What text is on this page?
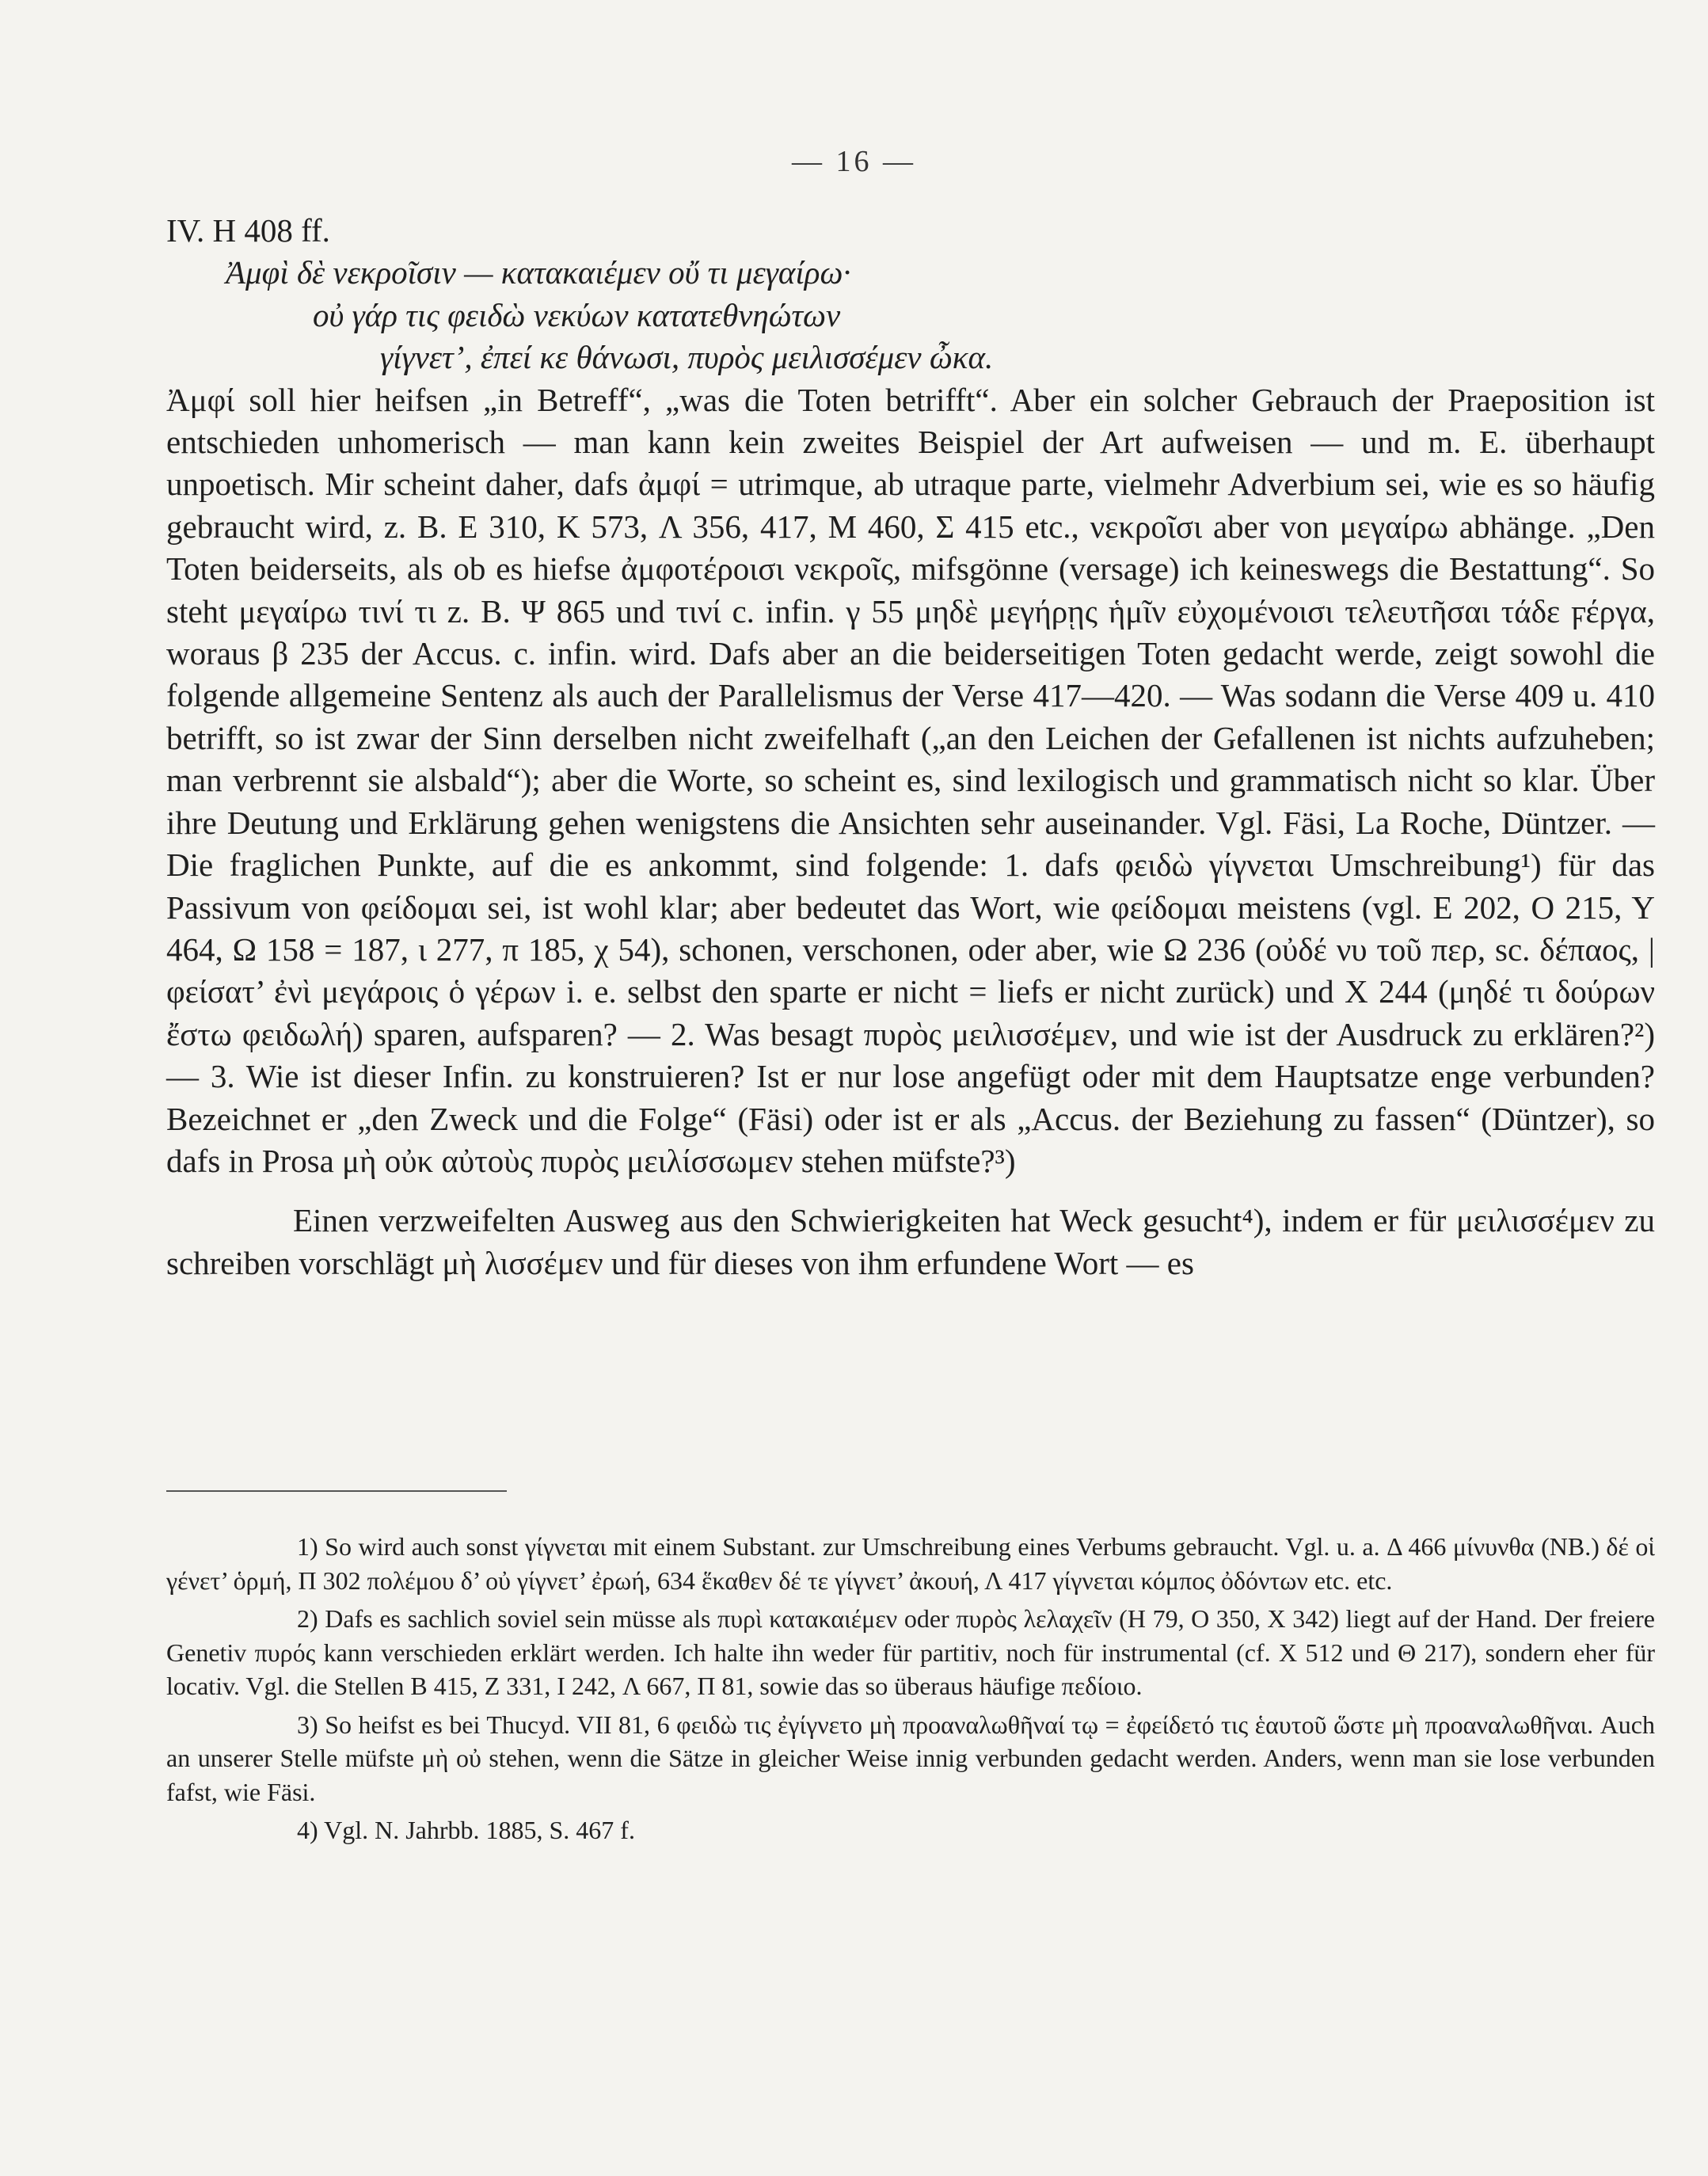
— 16 —

IV. H 408 ff.

Ἀμφὶ δὲ νεκροῖσιν — κατακαιέμεν οὔ τι μεγαίρω·

οὐ γάρ τις φειδὼ νεκύων κατατεθνηώτων

γίγνετ’, ἐπεί κε θάνωσι, πυρὸς μειλισσέμεν ὦκα.

Ἀμφί soll hier heifsen „in Betreff“, „was die Toten betrifft“. Aber ein solcher Gebrauch der Praeposition ist entschieden unhomerisch — man kann kein zweites Beispiel der Art aufweisen — und m. E. überhaupt unpoetisch. Mir scheint daher, dafs ἀμφί = utrimque, ab utraque parte, vielmehr Adverbium sei, wie es so häufig gebraucht wird, z. B. E 310, K 573, Λ 356, 417, M 460, Σ 415 etc., νεκροῖσι aber von μεγαίρω abhänge. „Den Toten beiderseits, als ob es hiefse ἀμφοτέροισι νεκροῖς, mifsgönne (versage) ich keineswegs die Bestattung“. So steht μεγαίρω τινί τι z. B. Ψ 865 und τινί c. infin. γ 55 μηδὲ μεγήρῃς ἡμῖν εὐχομένοισι τελευτῆσαι τάδε ϝέργα, woraus β 235 der Accus. c. infin. wird. Dafs aber an die beiderseitigen Toten gedacht werde, zeigt sowohl die folgende allgemeine Sentenz als auch der Parallelismus der Verse 417—420. — Was sodann die Verse 409 u. 410 betrifft, so ist zwar der Sinn derselben nicht zweifelhaft („an den Leichen der Gefallenen ist nichts aufzuheben; man verbrennt sie alsbald“); aber die Worte, so scheint es, sind lexilogisch und grammatisch nicht so klar. Über ihre Deutung und Erklärung gehen wenigstens die Ansichten sehr auseinander. Vgl. Fäsi, La Roche, Düntzer. — Die fraglichen Punkte, auf die es ankommt, sind folgende: 1. dafs φειδὼ γίγνεται Umschreibung¹) für das Passivum von φείδομαι sei, ist wohl klar; aber bedeutet das Wort, wie φείδομαι meistens (vgl. E 202, O 215, Y 464, Ω 158 = 187, ι 277, π 185, χ 54), schonen, verschonen, oder aber, wie Ω 236 (οὐδέ νυ τοῦ περ, sc. δέπαος, | φείσατ’ ἐνὶ μεγάροις ὁ γέρων i. e. selbst den sparte er nicht = liefs er nicht zurück) und X 244 (μηδέ τι δούρων ἔστω φειδωλή) sparen, aufsparen? — 2. Was besagt πυρὸς μειλισσέμεν, und wie ist der Ausdruck zu erklären?²) — 3. Wie ist dieser Infin. zu konstruieren? Ist er nur lose angefügt oder mit dem Hauptsatze enge verbunden? Bezeichnet er „den Zweck und die Folge“ (Fäsi) oder ist er als „Accus. der Beziehung zu fassen“ (Düntzer), so dafs in Prosa μὴ οὐκ αὐτοὺς πυρὸς μειλίσσωμεν stehen müfste?³)

Einen verzweifelten Ausweg aus den Schwierigkeiten hat Weck gesucht⁴), indem er für μειλισσέμεν zu schreiben vorschlägt μὴ λισσέμεν und für dieses von ihm erfundene Wort — es

1) So wird auch sonst γίγνεται mit einem Substant. zur Umschreibung eines Verbums gebraucht. Vgl. u. a. Δ 466 μίνυνθα (NB.) δέ οἱ γένετ’ ὁρμή, Π 302 πολέμου δ’ οὐ γίγνετ’ ἐρωή, 634 ἕκαθεν δέ τε γίγνετ’ ἀκουή, Λ 417 γίγνεται κόμπος ὀδόντων etc. etc.

2) Dafs es sachlich soviel sein müsse als πυρὶ κατακαιέμεν oder πυρὸς λελαχεῖν (H 79, O 350, X 342) liegt auf der Hand. Der freiere Genetiv πυρός kann verschieden erklärt werden. Ich halte ihn weder für partitiv, noch für instrumental (cf. X 512 und Θ 217), sondern eher für locativ. Vgl. die Stellen B 415, Z 331, I 242, Λ 667, Π 81, sowie das so überaus häufige πεδίοιο.

3) So heifst es bei Thucyd. VII 81, 6 φειδὼ τις ἐγίγνετο μὴ προαναλωθῆναί τῳ = ἐφείδετό τις ἑαυτοῦ ὥστε μὴ προαναλωθῆναι. Auch an unserer Stelle müfste μὴ οὐ stehen, wenn die Sätze in gleicher Weise innig verbunden gedacht werden. Anders, wenn man sie lose verbunden fafst, wie Fäsi.

4) Vgl. N. Jahrbb. 1885, S. 467 f.
